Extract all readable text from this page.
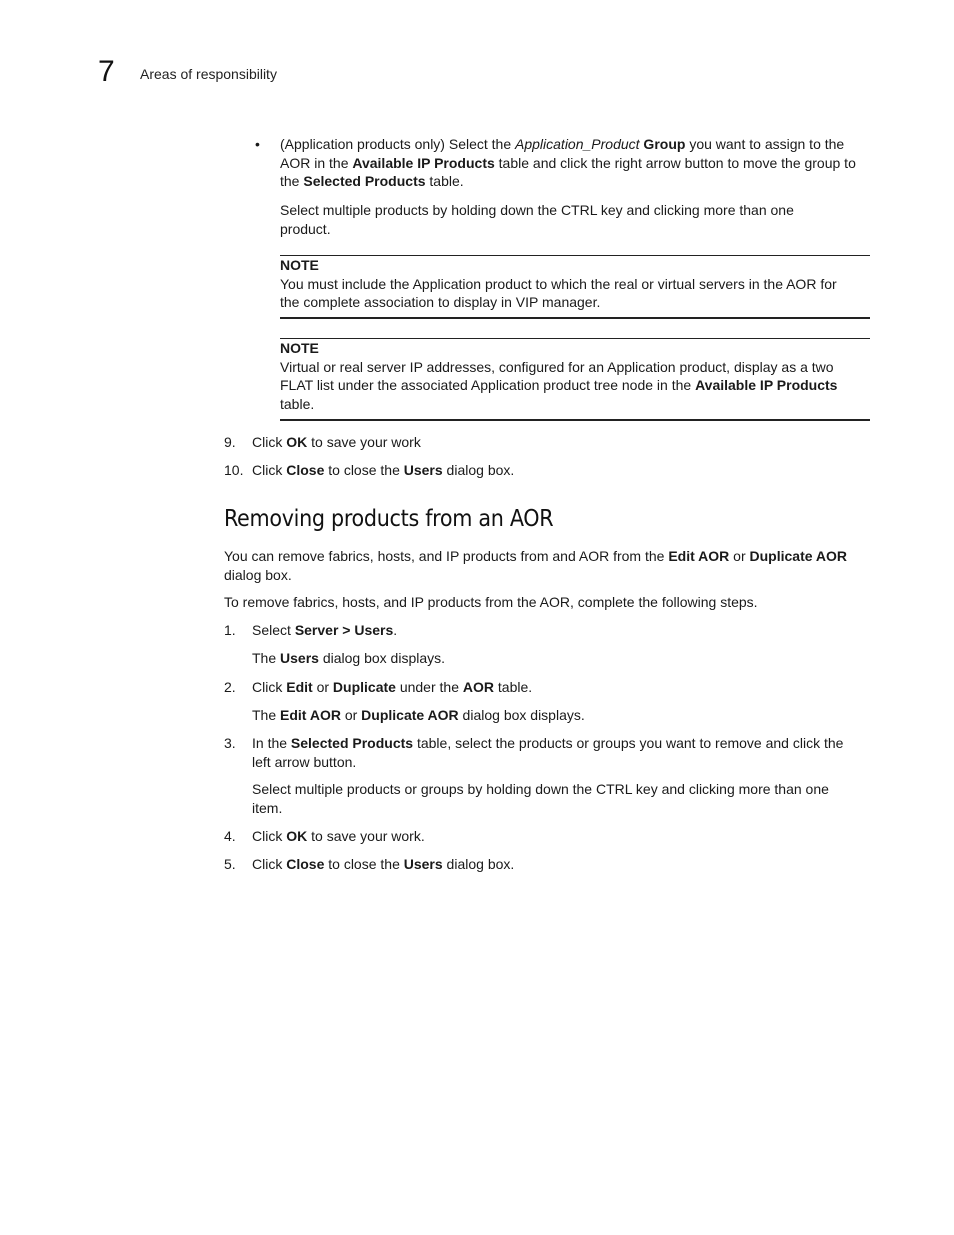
7 Areas of responsibility
• (Application products only) Select the Application_Product Group you want to assign to the
AOR in the Available IP Products table and click the right arrow button to move the group to
the Selected Products table.
Select multiple products by holding down the CTRL key and clicking more than one
product.
NOTE
You must include the Application product to which the real or virtual servers in the AOR for
the complete association to display in VIP manager.
NOTE
Virtual or real server IP addresses, configured for an Application product, display as a two
FLAT list under the associated Application product tree node in the Available IP Products
table.
9.	Click OK to save your work
10. Click Close to close the Users dialog box.
Removing products from an AOR
You can remove fabrics, hosts, and IP products from and AOR from the Edit AOR or Duplicate AOR
dialog box.
To remove fabrics, hosts, and IP products from the AOR, complete the following steps.
1.	Select Server > Users.
The Users dialog box displays.
2.	Click Edit or Duplicate under the AOR table.
The Edit AOR or Duplicate AOR dialog box displays.
3.	In the Selected Products table, select the products or groups you want to remove and click the
left arrow button.
Select multiple products or groups by holding down the CTRL key and clicking more than one
item.
4.	Click OK to save your work.
5.	Click Close to close the Users dialog box.
